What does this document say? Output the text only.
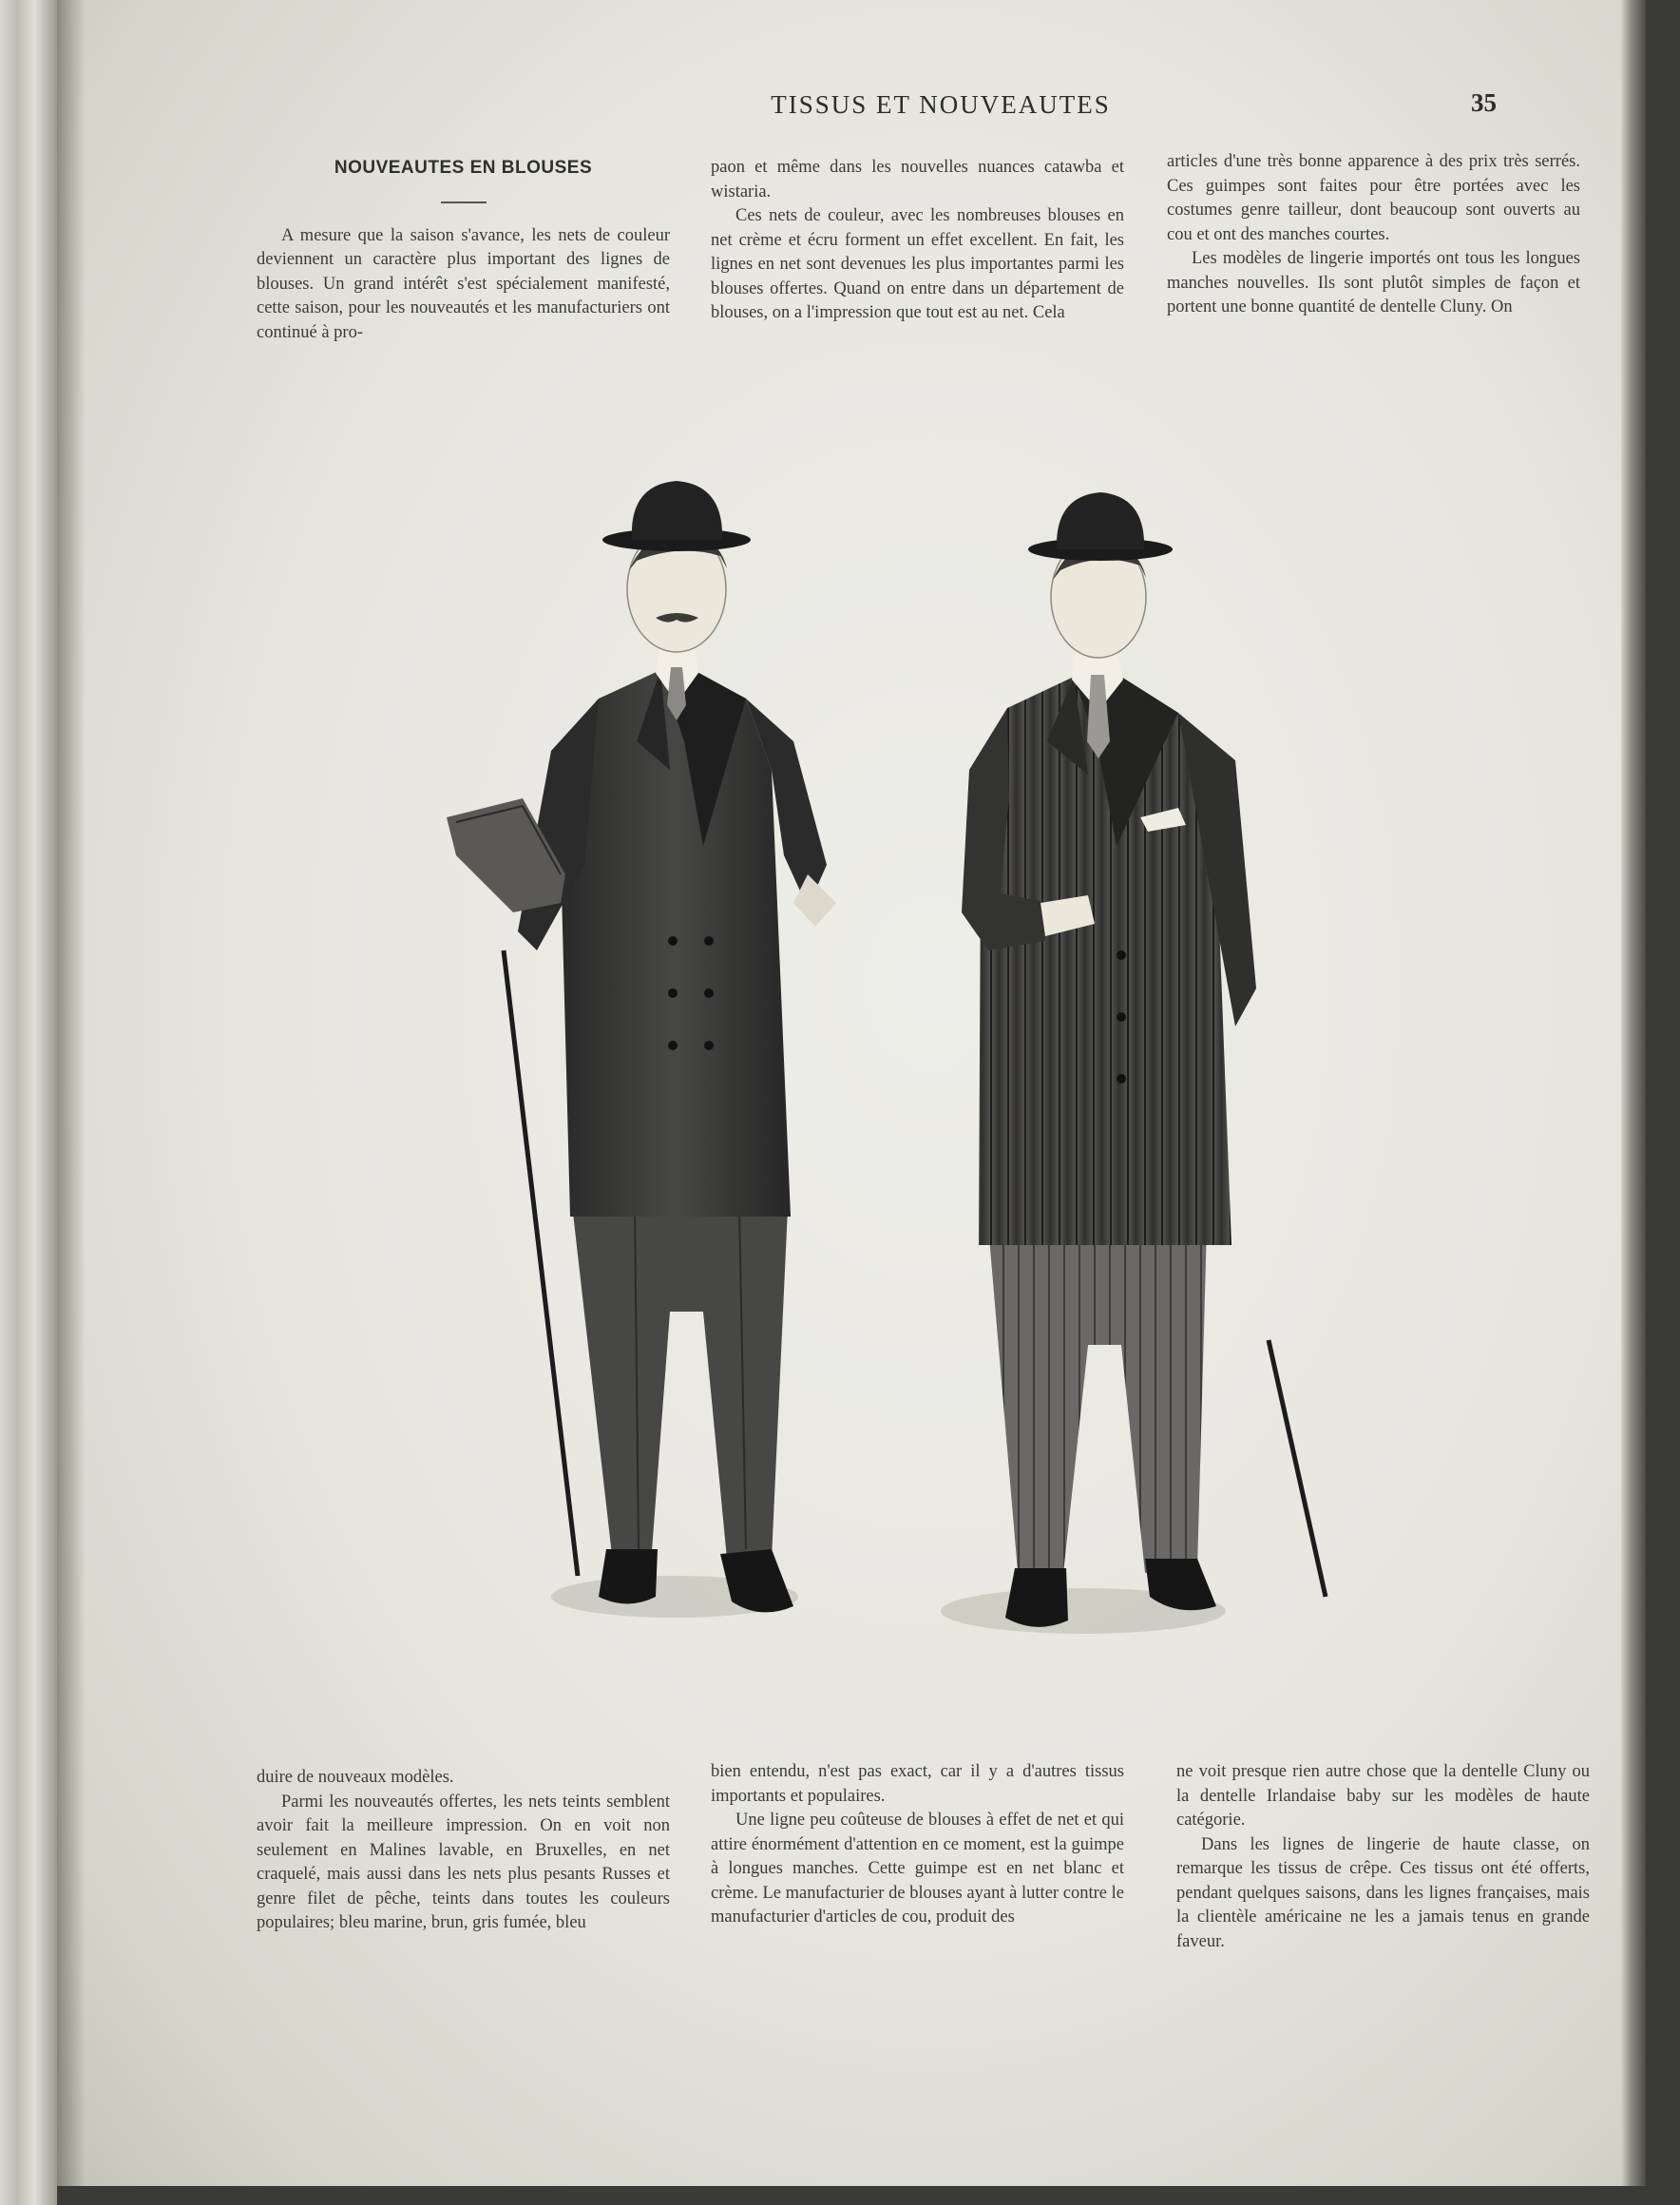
TISSUS ET NOUVEAUTES	35
NOUVEAUTES EN BLOUSES

A mesure que la saison s'avance, les nets de couleur deviennent un caractère plus important des lignes de blouses. Un grand intérêt s'est spécialement manifesté, cette saison, pour les nouveautés et les manufacturiers ont continué à pro-

paon et même dans les nouvelles nuances catawba et wistaria.

Ces nets de couleur, avec les nombreuses blouses en net crème et écru forment un effet excellent. En fait, les lignes en net sont devenues les plus importantes parmi les blouses offertes. Quand on entre dans un département de blouses, on a l'impression que tout est au net. Cela

articles d'une très bonne apparence à des prix très serrés. Ces guimpes sont faites pour être portées avec les costumes genre tailleur, dont beaucoup sont ouverts au cou et ont des manches courtes.

Les modèles de lingerie importés ont tous les longues manches nouvelles. Ils sont plutôt simples de façon et portent une bonne quantité de dentelle Cluny. On

duire de nouveaux modèles.

Parmi les nouveautés offertes, les nets teints semblent avoir fait la meilleure impression. On en voit non seulement en Malines lavable, en Bruxelles, en net craquelé, mais aussi dans les nets plus pesants Russes et genre filet de pêche, teints dans toutes les couleurs populaires; bleu marine, brun, gris fumée, bleu

bien entendu, n'est pas exact, car il y a d'autres tissus importants et populaires.

Une ligne peu coûteuse de blouses à effet de net et qui attire énormément d'attention en ce moment, est la guimpe à longues manches. Cette guimpe est en net blanc et crème. Le manufacturier de blouses ayant à lutter contre le manufacturier d'articles de cou, produit des

ne voit presque rien autre chose que la dentelle Cluny ou la dentelle Irlandaise baby sur les modèles de haute catégorie.

Dans les lignes de lingerie de haute classe, on remarque les tissus de crêpe. Ces tissus ont été offerts, pendant quelques saisons, dans les lignes françaises, mais la clientèle américaine ne les a jamais tenus en grande faveur.
